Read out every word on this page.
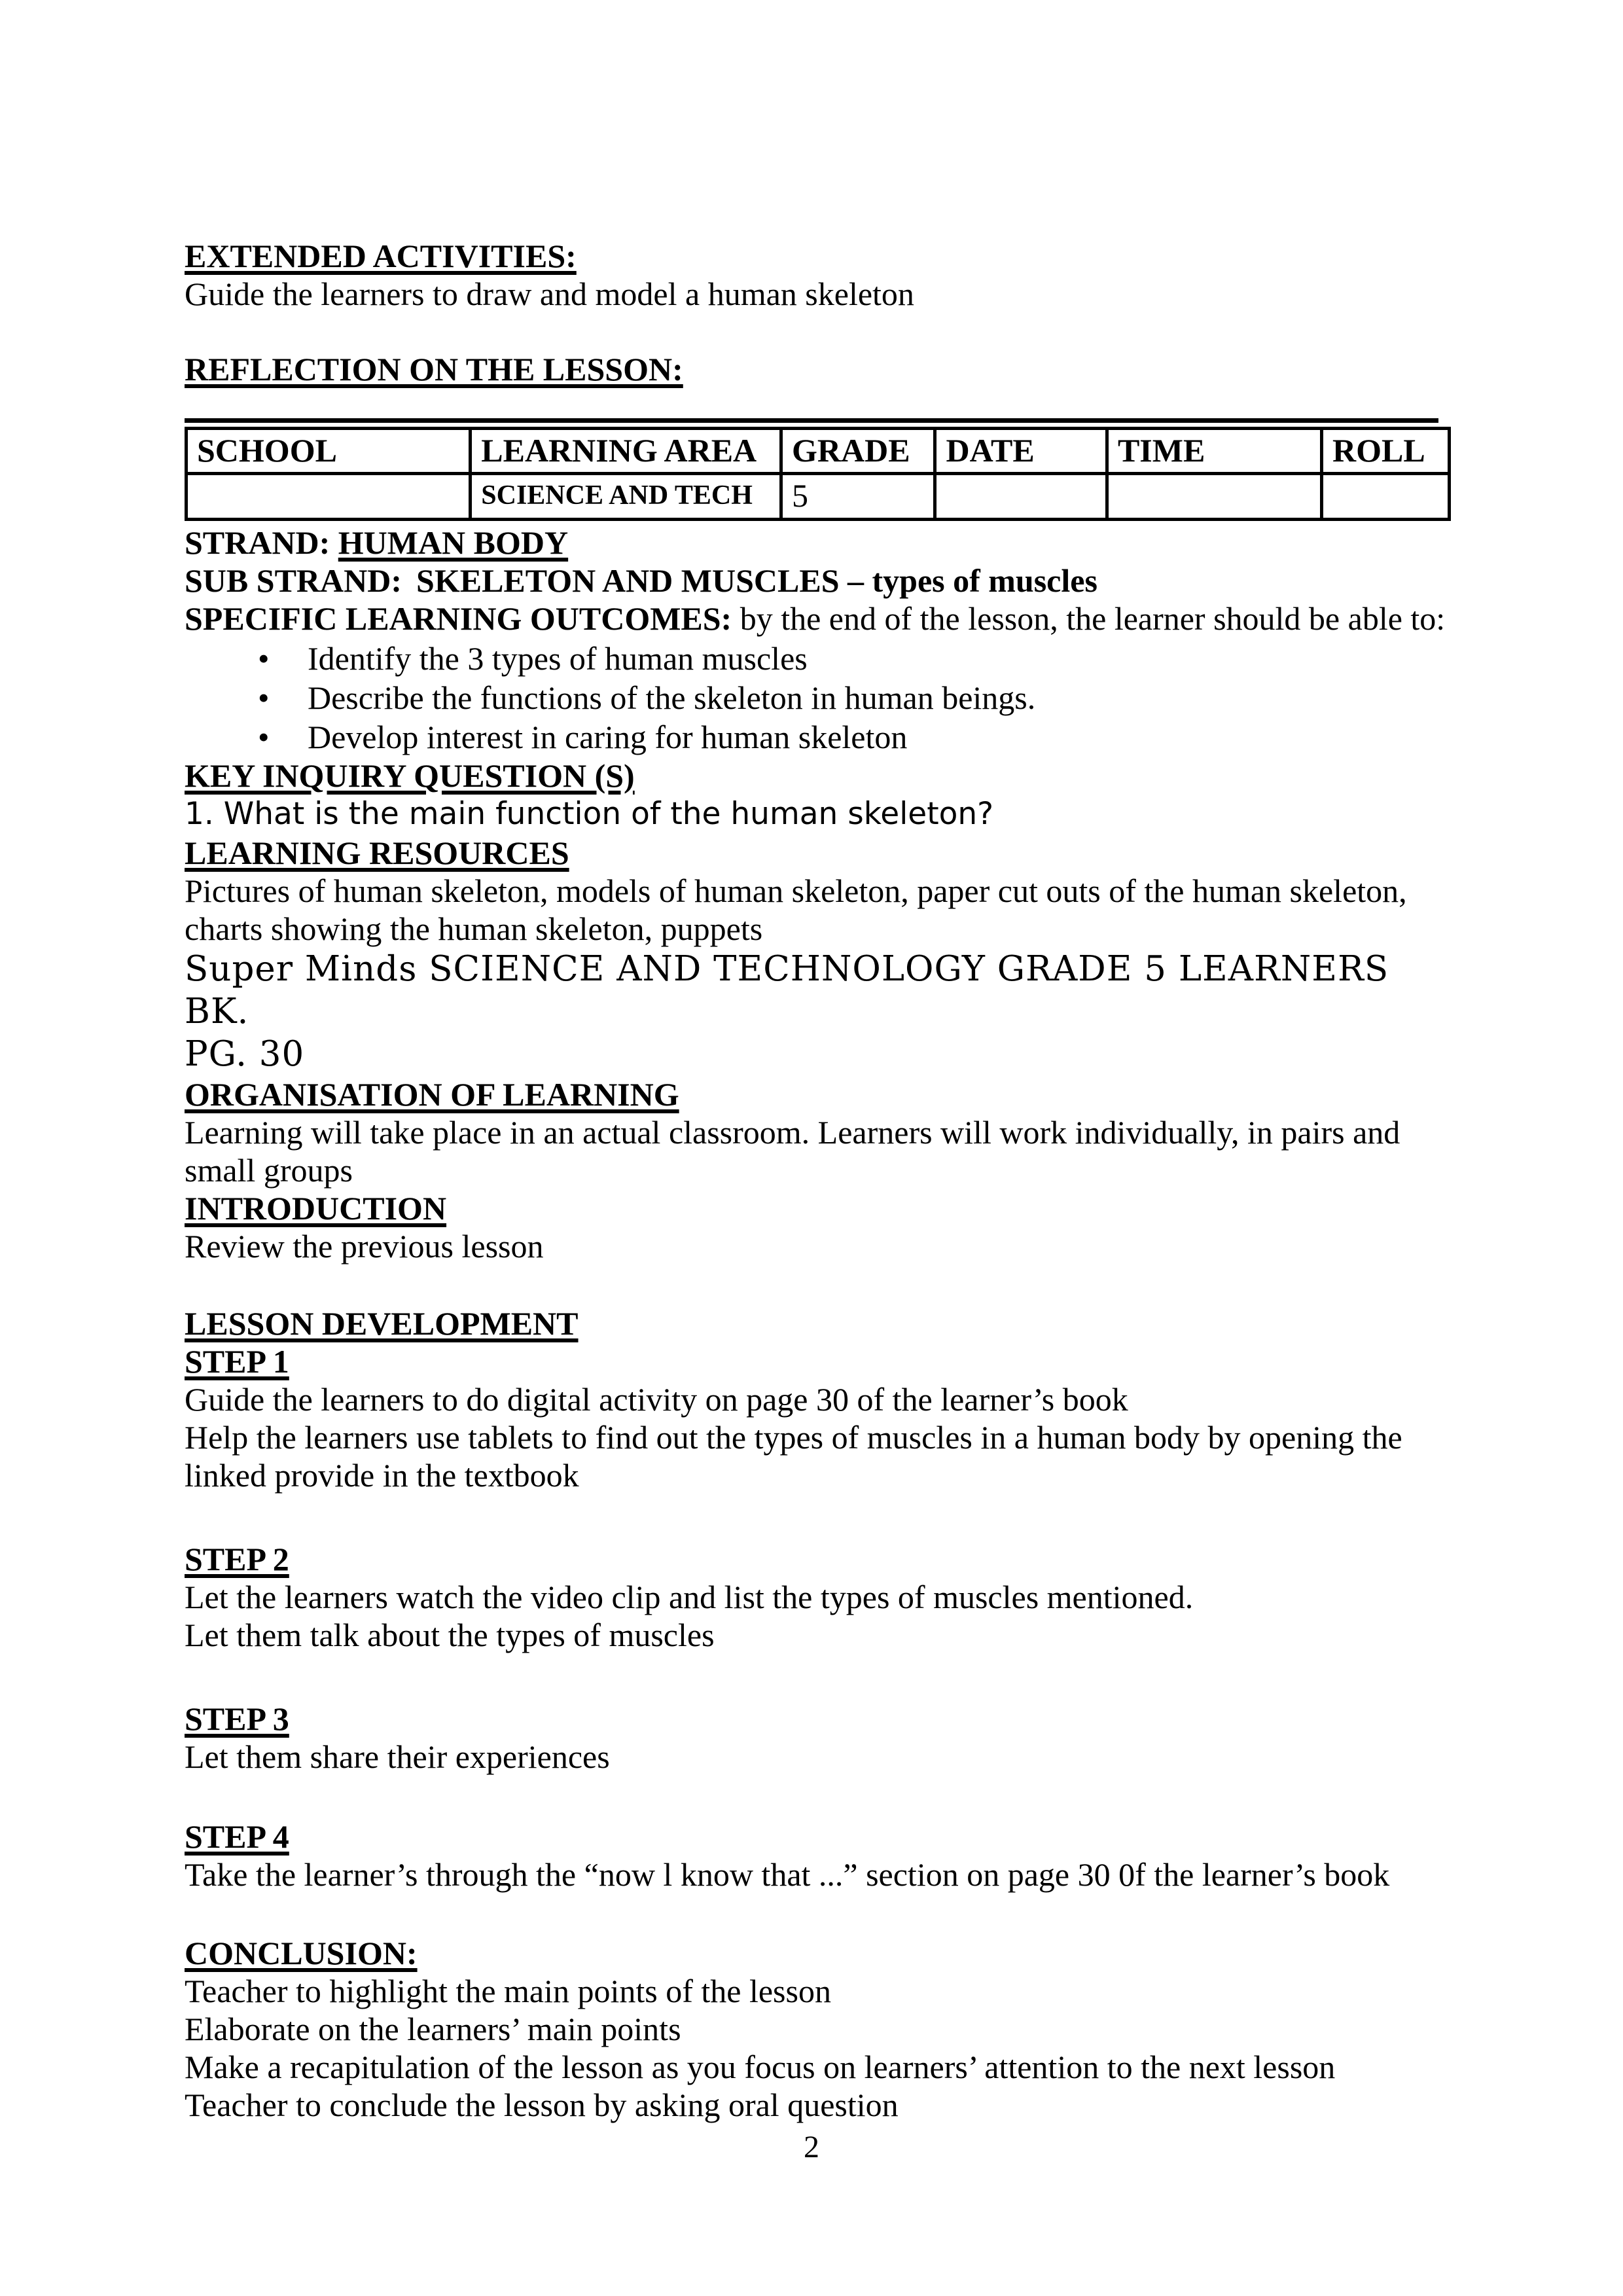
EXTENDED ACTIVITIES:

Guide the learners to draw and model a human skeleton

REFLECTION ON THE LESSON:

SCHOOL	LEARNING AREA	GRADE	DATE	TIME	ROLL
	SCIENCE AND TECH	5			

STRAND: HUMAN BODY

SUB STRAND: SKELETON AND MUSCLES – types of muscles

SPECIFIC LEARNING OUTCOMES: by the end of the lesson, the learner should be able to:

•	Identify the 3 types of human muscles
•	Describe the functions of the skeleton in human beings.
•	Develop interest in caring for human skeleton

KEY INQUIRY QUESTION (S)

1. What is the main function of the human skeleton?

LEARNING RESOURCES

Pictures of human skeleton, models of human skeleton, paper cut outs of the human skeleton,

charts showing the human skeleton, puppets

Super Minds SCIENCE AND TECHNOLOGY GRADE 5 LEARNERS BK.

PG. 30

ORGANISATION OF LEARNING

Learning will take place in an actual classroom. Learners will work individually, in pairs and

small groups

INTRODUCTION

Review the previous lesson

LESSON DEVELOPMENT

STEP 1

Guide the learners to do digital activity on page 30 of the learner’s book

Help the learners use tablets to find out the types of muscles in a human body by opening the

linked provide in the textbook

STEP 2

Let the learners watch the video clip and list the types of muscles mentioned.

Let them talk about the types of muscles

STEP 3

Let them share their experiences

STEP 4

Take the learner’s through the “now l know that ...” section on page 30 0f the learner’s book

CONCLUSION:

Teacher to highlight the main points of the lesson

Elaborate on the learners’ main points

Make a recapitulation of the lesson as you focus on learners’ attention to the next lesson

Teacher to conclude the lesson by asking oral question

2
